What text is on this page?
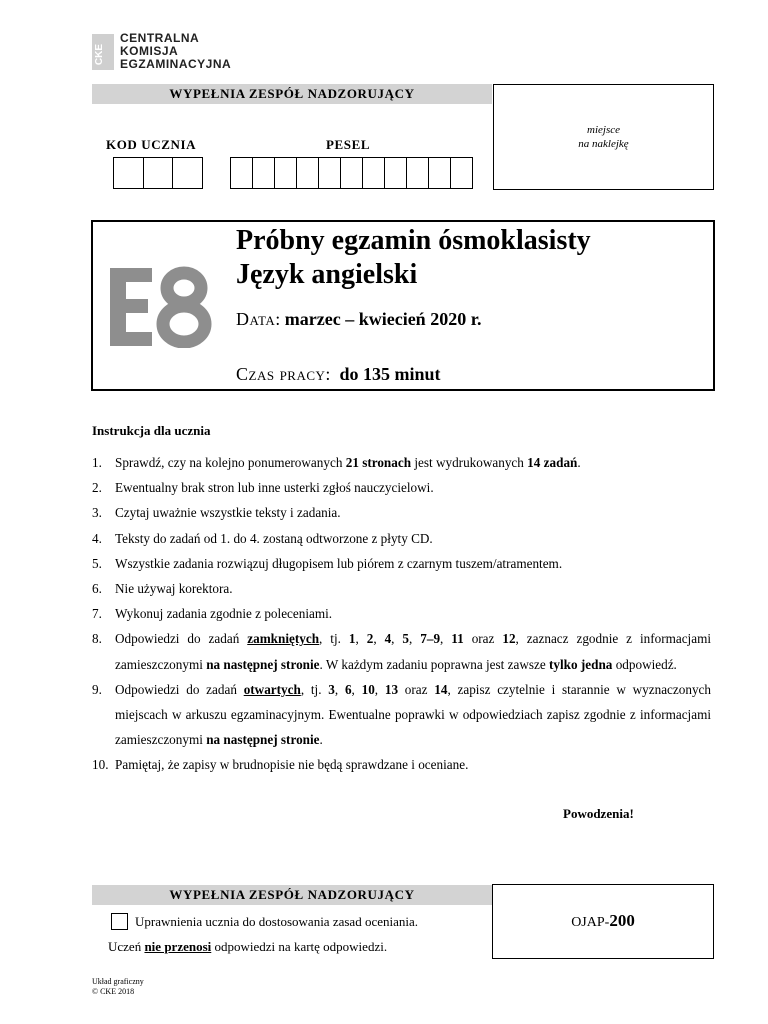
CKE
CENTRALNA
KOMISJA
EGZAMINACYJNA
WYPEŁNIA ZESPÓŁ NADZORUJĄCY
KOD UCZNIA	PESEL
miejsce
na naklejkę
Próbny egzamin ósmoklasisty
Język angielski
Data: marzec – kwiecień 2020 r.
Czas pracy:  do 135 minut
Instrukcja dla ucznia
1. Sprawdź, czy na kolejno ponumerowanych 21 stronach jest wydrukowanych 14 zadań.
2. Ewentualny brak stron lub inne usterki zgłoś nauczycielowi.
3. Czytaj uważnie wszystkie teksty i zadania.
4. Teksty do zadań od 1. do 4. zostaną odtworzone z płyty CD.
5. Wszystkie zadania rozwiązuj długopisem lub piórem z czarnym tuszem/atramentem.
6. Nie używaj korektora.
7. Wykonuj zadania zgodnie z poleceniami.
8. Odpowiedzi do zadań zamkniętych, tj. 1, 2, 4, 5, 7–9, 11 oraz 12, zaznacz zgodnie z informacjami zamieszczonymi na następnej stronie. W każdym zadaniu poprawna jest zawsze tylko jedna odpowiedź.
9. Odpowiedzi do zadań otwartych, tj. 3, 6, 10, 13 oraz 14, zapisz czytelnie i starannie w wyznaczonych miejscach w arkuszu egzaminacyjnym. Ewentualne poprawki w odpowiedziach zapisz zgodnie z informacjami zamieszczonymi na następnej stronie.
10. Pamiętaj, że zapisy w brudnopisie nie będą sprawdzane i oceniane.
Powodzenia!
WYPEŁNIA ZESPÓŁ NADZORUJĄCY
Uprawnienia ucznia do dostosowania zasad oceniania.
Uczeń nie przenosi odpowiedzi na kartę odpowiedzi.
OJAP-200
Układ graficzny
© CKE 2018
